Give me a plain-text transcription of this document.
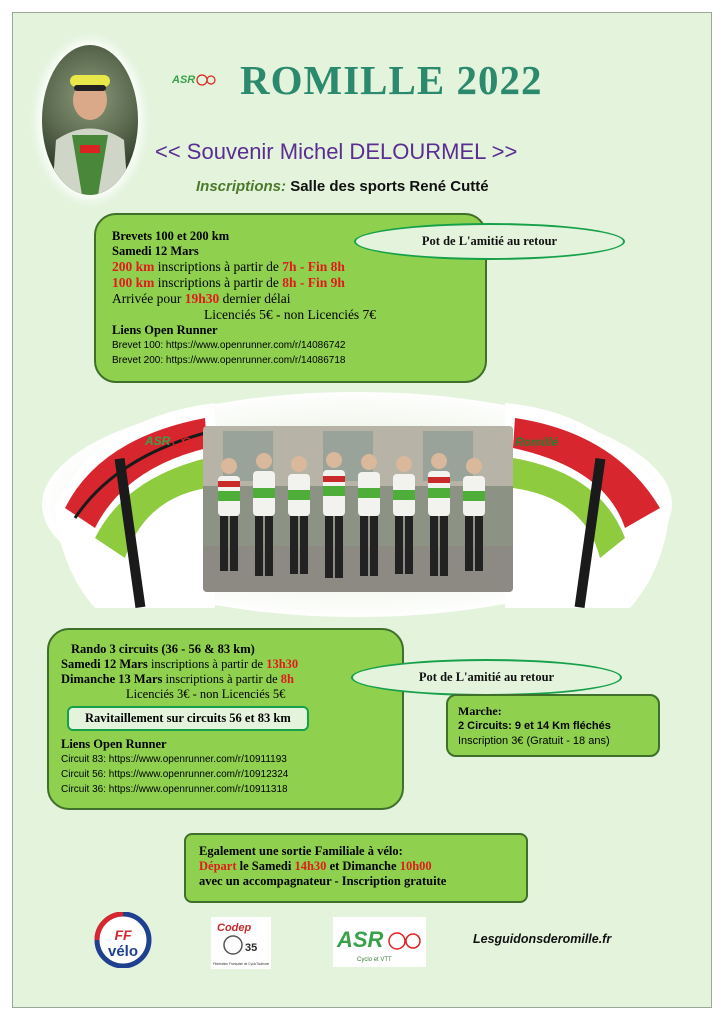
ASR ROMILLE 2022
<< Souvenir Michel DELOURMEL >>
Inscriptions: Salle des sports René Cutté
Brevets 100 et 200 km
Samedi 12 Mars
200 km inscriptions à partir de 7h - Fin 8h
100 km inscriptions à partir de 8h - Fin 9h
Arrivée pour 19h30 dernier délai
Licenciés 5€ - non Licenciés 7€
Liens Open Runner
Brevet 100: https://www.openrunner.com/r/14086742
Brevet 200: https://www.openrunner.com/r/14086718
Pot de L'amitié au retour
Romillé
ASR
Rando 3 circuits (36 - 56 & 83 km)
Samedi 12 Mars inscriptions à partir de 13h30
Dimanche 13 Mars inscriptions à partir de 8h
Licenciés 3€ - non Licenciés 5€
Ravitaillement sur circuits 56 et 83 km
Liens Open Runner
Circuit 83: https://www.openrunner.com/r/10911193
Circuit 56: https://www.openrunner.com/r/10912324
Circuit 36: https://www.openrunner.com/r/10911318
Pot de L'amitié au retour
Marche:
2 Circuits: 9 et 14 Km fléchés
Inscription 3€ (Gratuit - 18 ans)
Egalement une sortie Familiale à vélo:
Départ le Samedi 14h30 et Dimanche 10h00
avec un accompagnateur - Inscription gratuite
FF
vélo
Codep
35
Fédération Française de CycloTourisme
ASR
Cyclo et VTT
Lesguidonsderomille.fr
